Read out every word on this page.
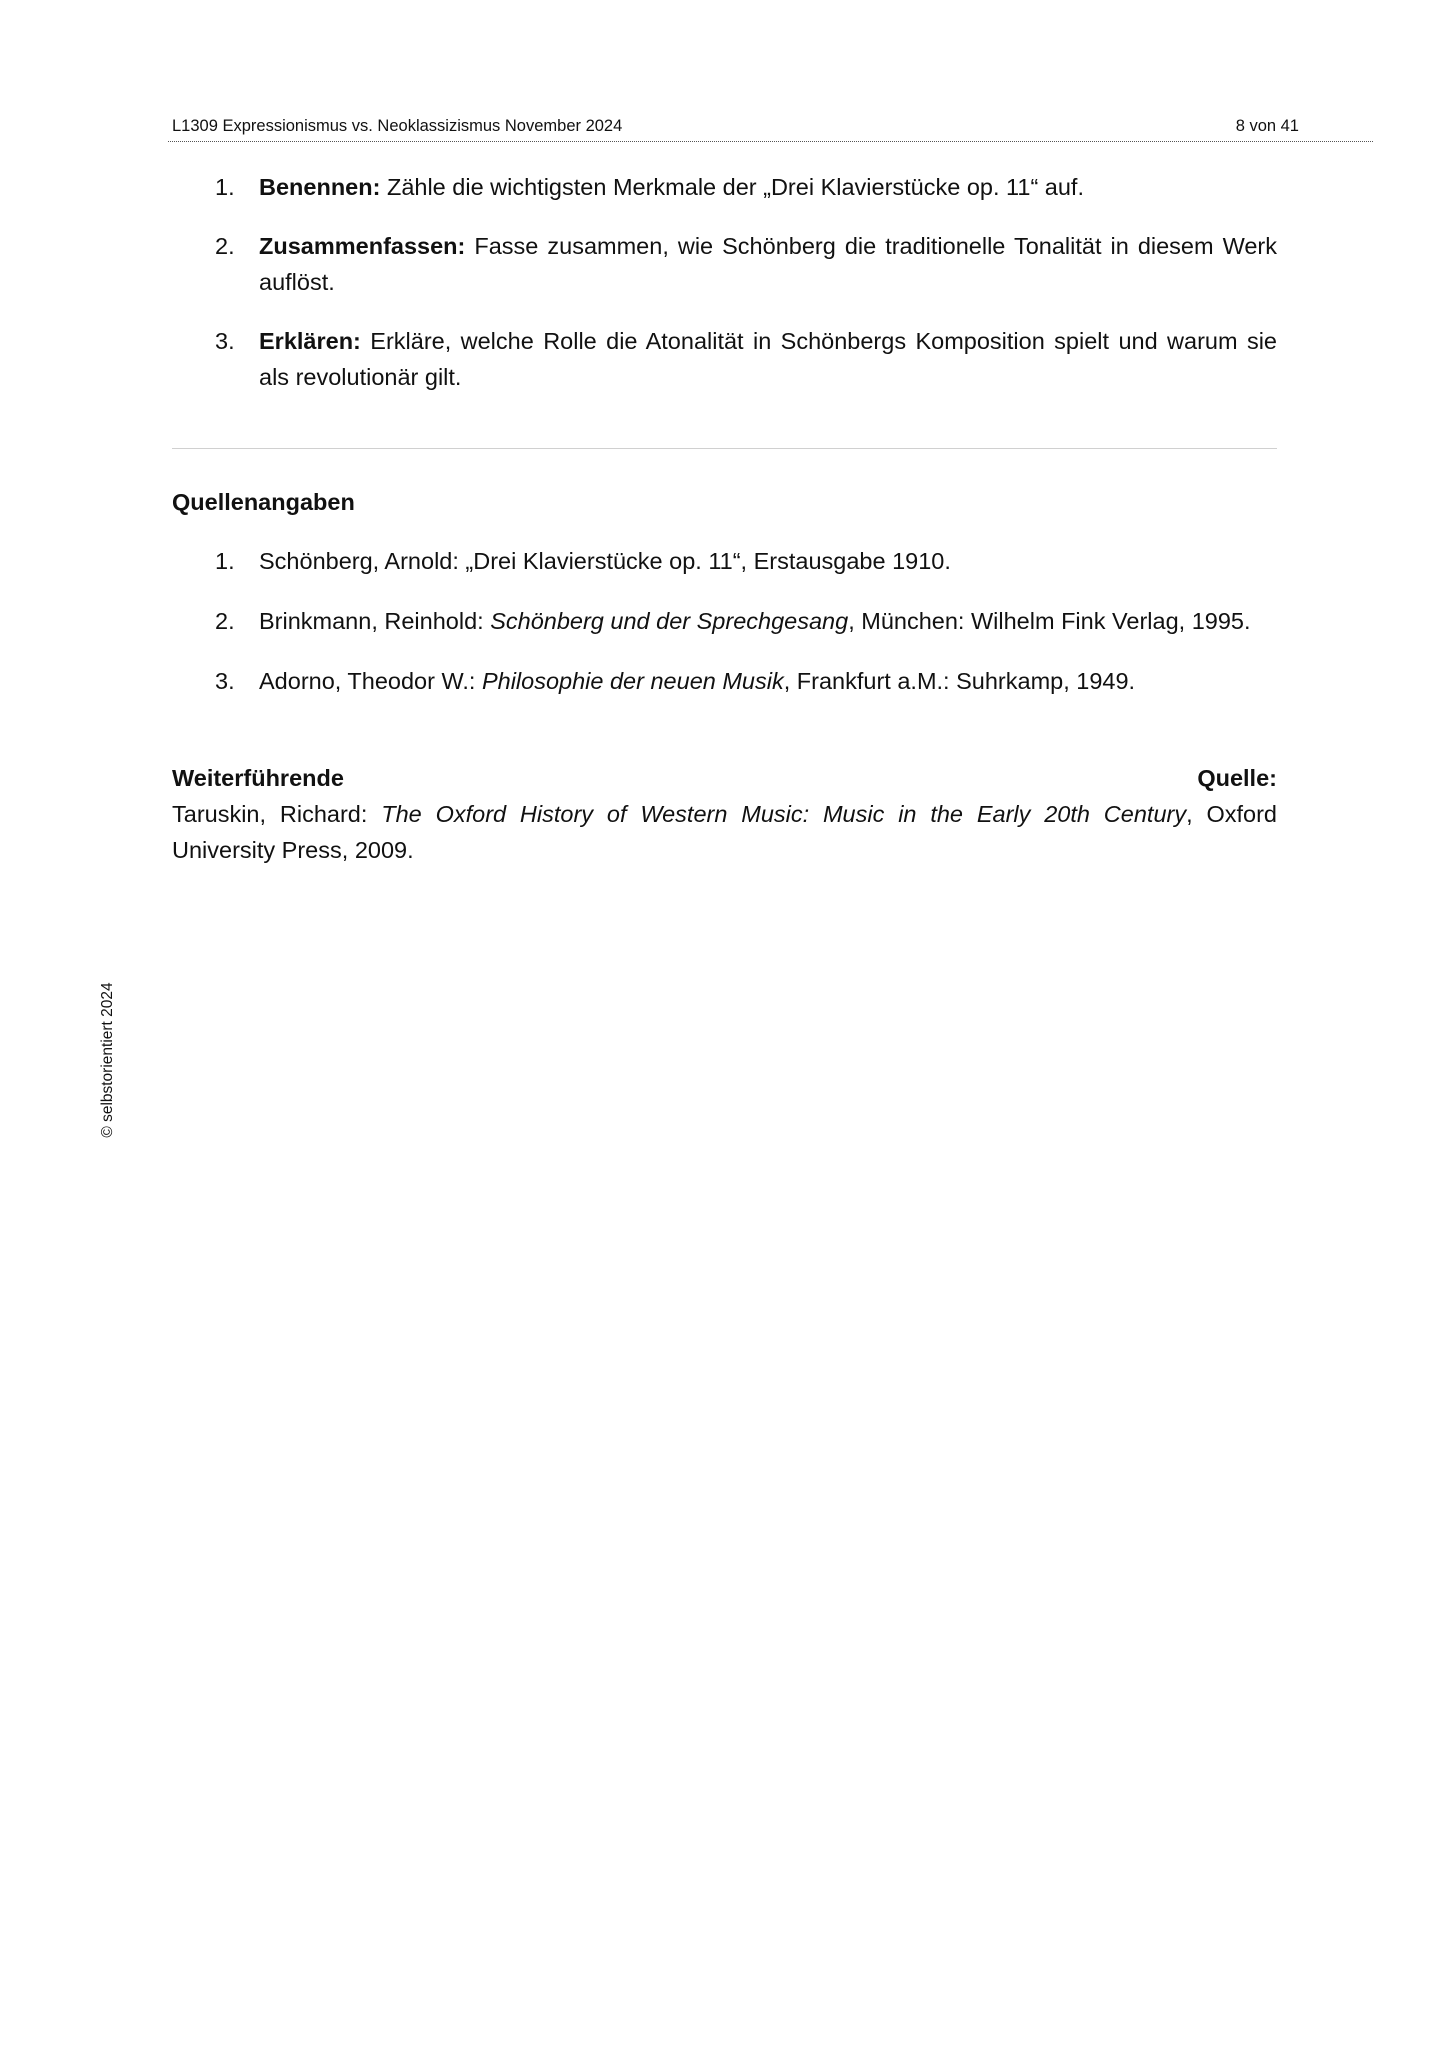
L1309 Expressionismus vs. Neoklassizismus November 2024	8 von 41
© selbstorientiert 2024
1. Benennen: Zähle die wichtigsten Merkmale der „Drei Klavierstücke op. 11“ auf.
2. Zusammenfassen: Fasse zusammen, wie Schönberg die traditionelle Tonalität in diesem Werk auflöst.
3. Erklären: Erkläre, welche Rolle die Atonalität in Schönbergs Komposition spielt und warum sie als revolutionär gilt.
Quellenangaben
1. Schönberg, Arnold: „Drei Klavierstücke op. 11“, Erstausgabe 1910.
2. Brinkmann, Reinhold: Schönberg und der Sprechgesang, München: Wilhelm Fink Verlag, 1995.
3. Adorno, Theodor W.: Philosophie der neuen Musik, Frankfurt a.M.: Suhrkamp, 1949.
Weiterführende	Quelle:
Taruskin, Richard: The Oxford History of Western Music: Music in the Early 20th Century, Oxford University Press, 2009.
